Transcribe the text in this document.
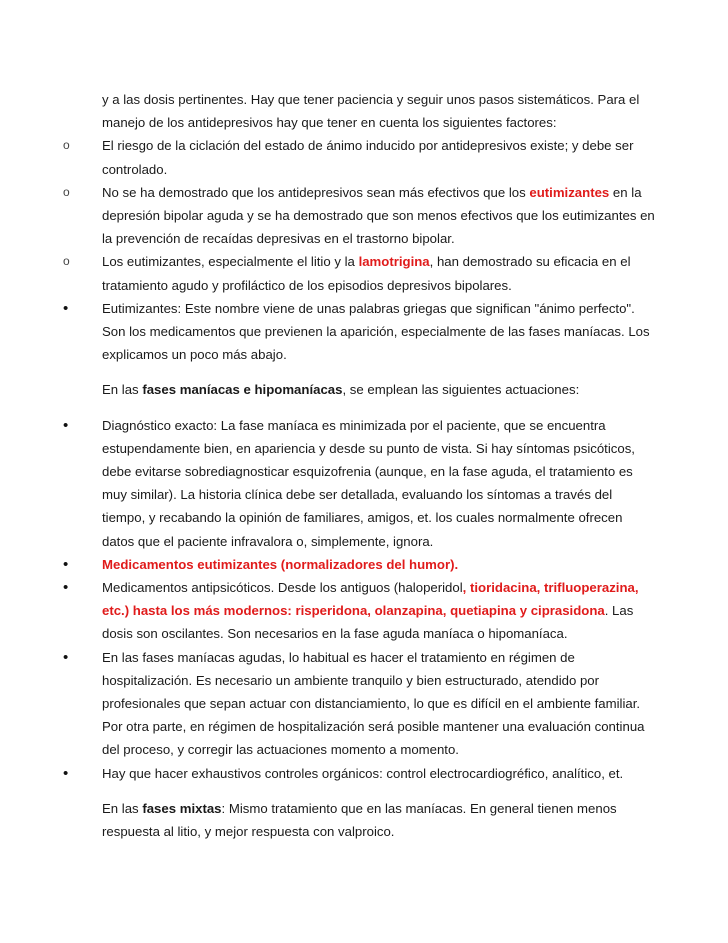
y a las dosis pertinentes. Hay que tener paciencia y seguir unos pasos sistemáticos. Para el
manejo de los antidepresivos hay que tener en cuenta los siguientes factores:
o El riesgo de la ciclación del estado de ánimo inducido por antidepresivos existe; y debe ser
controlado.
o No se ha demostrado que los antidepresivos sean más efectivos que los eutimizantes en la
depresión bipolar aguda y se ha demostrado que son menos efectivos que los eutimizantes en
la prevención de recaídas depresivas en el trastorno bipolar.
o Los eutimizantes, especialmente el litio y la lamotrigina, han demostrado su eficacia en el
tratamiento agudo y profiláctico de los episodios depresivos bipolares.
•	Eutimizantes: Este nombre viene de unas palabras griegas que significan "ánimo perfecto".
Son los medicamentos que previenen la aparición, especialmente de las fases maníacas. Los
explicamos un poco más abajo.
En las fases maníacas e hipomaníacas, se emplean las siguientes actuaciones:
•	Diagnóstico exacto: La fase maníaca es minimizada por el paciente, que se encuentra
estupendamente bien, en apariencia y desde su punto de vista. Si hay síntomas psicóticos,
debe evitarse sobrediagnosticar esquizofrenia (aunque, en la fase aguda, el tratamiento es
muy similar). La historia clínica debe ser detallada, evaluando los síntomas a través del
tiempo, y recabando la opinión de familiares, amigos, et. los cuales normalmente ofrecen
datos que el paciente infravalora o, simplemente, ignora.
•	Medicamentos eutimizantes (normalizadores del humor).
•	Medicamentos antipsicóticos. Desde los antiguos (haloperidol, tioridacina, trifluoperazina,
etc.) hasta los más modernos: risperidona, olanzapina, quetiapina y ciprasidona. Las
dosis son oscilantes. Son necesarios en la fase aguda maníaca o hipomaníaca.
•	En las fases maníacas agudas, lo habitual es hacer el tratamiento en régimen de
hospitalización. Es necesario un ambiente tranquilo y bien estructurado, atendido por
profesionales que sepan actuar con distanciamiento, lo que es difícil en el ambiente familiar.
Por otra parte, en régimen de hospitalización será posible mantener una evaluación continua
del proceso, y corregir las actuaciones momento a momento.
•	Hay que hacer exhaustivos controles orgánicos: control electrocardiogréfico, analítico, et.
En las fases mixtas: Mismo tratamiento que en las maníacas. En general tienen menos
respuesta al litio, y mejor respuesta con valproico.
